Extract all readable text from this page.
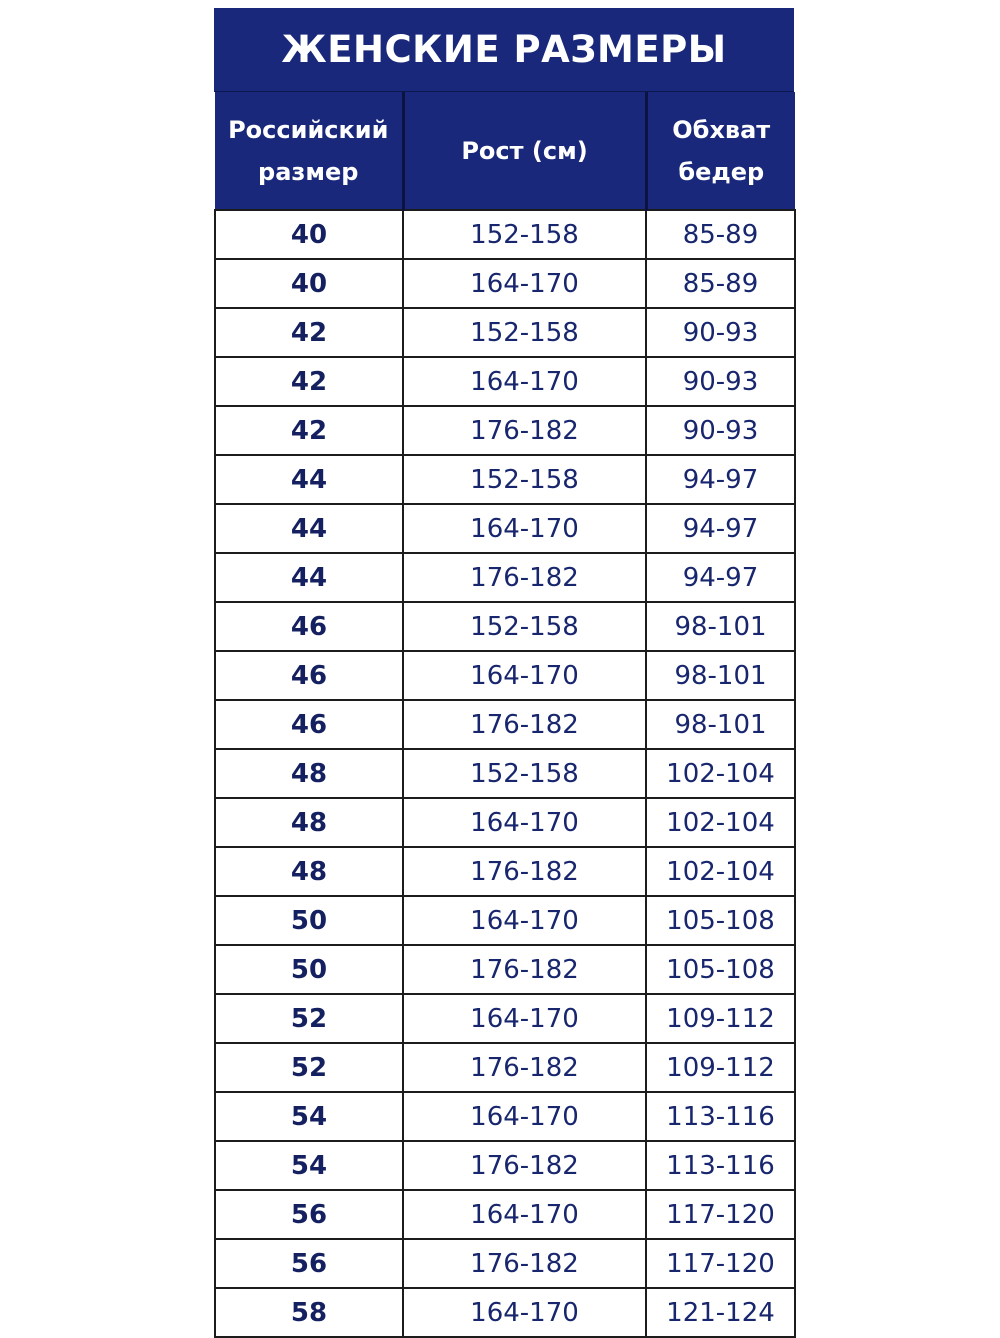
ЖЕНСКИЕ РАЗМЕРЫ
Российский размер	Рост (см)	Обхват бедер
40	152-158	85-89
40	164-170	85-89
42	152-158	90-93
42	164-170	90-93
42	176-182	90-93
44	152-158	94-97
44	164-170	94-97
44	176-182	94-97
46	152-158	98-101
46	164-170	98-101
46	176-182	98-101
48	152-158	102-104
48	164-170	102-104
48	176-182	102-104
50	164-170	105-108
50	176-182	105-108
52	164-170	109-112
52	176-182	109-112
54	164-170	113-116
54	176-182	113-116
56	164-170	117-120
56	176-182	117-120
58	164-170	121-124
